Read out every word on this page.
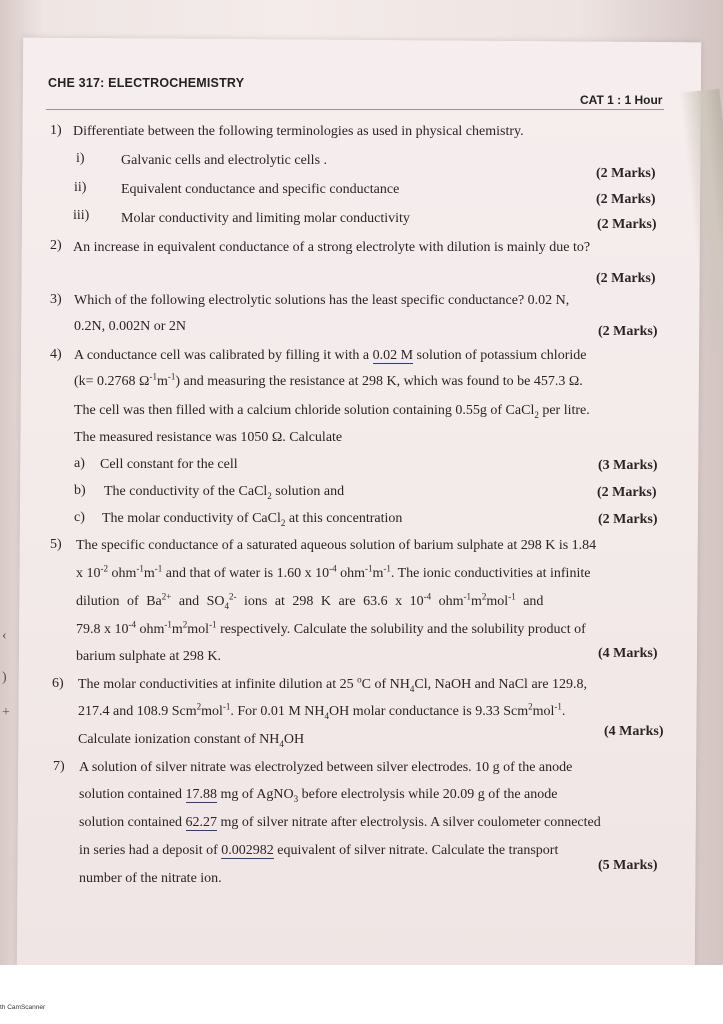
CHE 317: ELECTROCHEMISTRY
CAT 1 : 1 Hour
1) Differentiate between the following terminologies as used in physical chemistry.
i)	Galvanic cells and electrolytic cells .
(2 Marks)
ii) Equivalent conductance and specific conductance
(2 Marks)
iii) Molar conductivity and limiting molar conductivity	(2 Marks)
2) An increase in equivalent conductance of a strong electrolyte with dilution is mainly due to?
(2 Marks)
3) Which of the following electrolytic solutions has the least specific conductance? 0.02 N,
0.2N, 0.002N or 2N	(2 Marks)
4) A conductance cell was calibrated by filling it with a 0.02 M solution of potassium chloride
(k= 0.2768 $\Omega^{-1}m^{-1}$) and measuring the resistance at 298 K, which was found to be 457.3 Ω.
The cell was then filled with a calcium chloride solution containing 0.55g of CaCl$_2$ per litre.
The measured resistance was 1050 Ω. Calculate
a) Cell constant for the cell	(3 Marks)
b) The conductivity of the CaCl$_2$ solution and	(2 Marks)
c) The molar conductivity of CaCl$_2$ at this concentration	(2 Marks)
5) The specific conductance of a saturated aqueous solution of barium sulphate at 298 K is 1.84
x $10^{-2}$ $ohm^{-1}m^{-1}$ and that of water is 1.60 x $10^{-4}$ $ohm^{-1}m^{-1}$. The ionic conductivities at infinite
dilution of $Ba^{2+}$ and $SO_4^{2-}$ ions at 298 K are 63.6 x $10^{-4}$ $ohm^{-1}m^2mol^{-1}$ and
79.8 x $10^{-4}$ $ohm^{-1}m^2mol^{-1}$ respectively. Calculate the solubility and the solubility product of
barium sulphate at 298 K.	(4 Marks)
6) The molar conductivities at infinite dilution at 25 $^o$C of $NH_4Cl$, NaOH and NaCl are 129.8,
217.4 and 108.9 Scm$^2$mol$^{-1}$. For 0.01 M $NH_4OH$ molar conductance is 9.33 Scm$^2$mol$^{-1}$.
Calculate ionization constant of $NH_4OH$
(4 Marks)
7) A solution of silver nitrate was electrolyzed between silver electrodes. 10 g of the anode
solution contained 17.88 mg of AgNO$_3$ before electrolysis while 20.09 g of the anode
solution contained 62.27 mg of silver nitrate after electrolysis. A silver coulometer connected
in series had a deposit of 0.002982 equivalent of silver nitrate. Calculate the transport
number of the nitrate ion.
(5 Marks)
‹
)
+
th CamScanner
